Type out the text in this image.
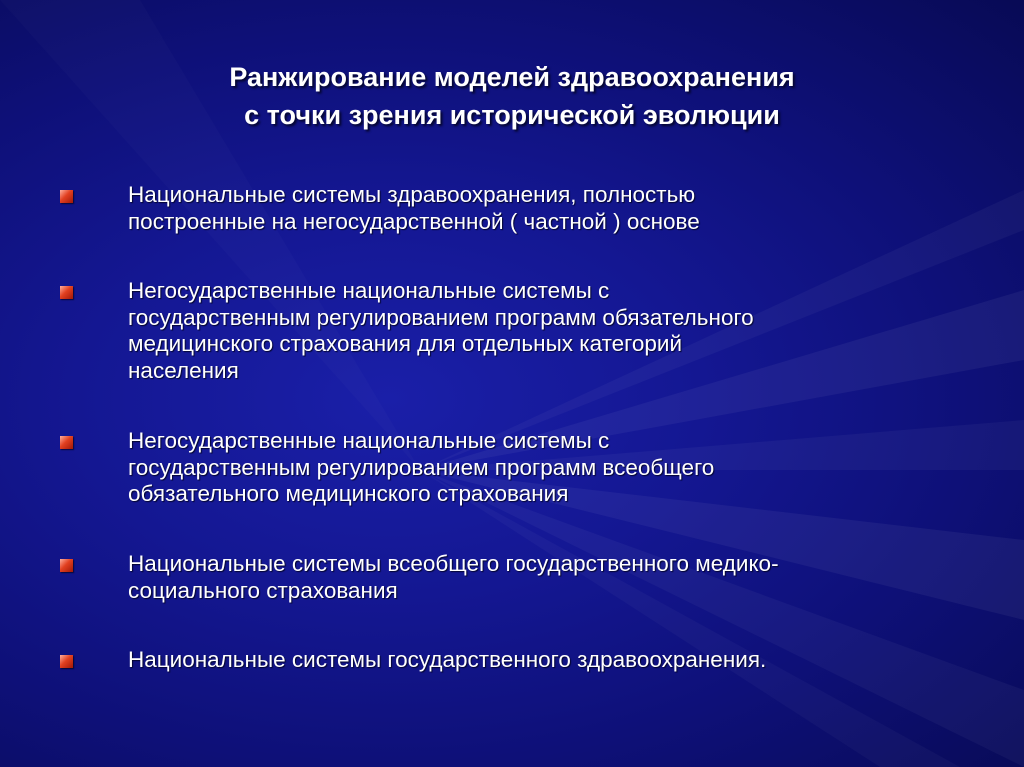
Ранжирование моделей здравоохранения
с точки зрения исторической эволюции

Национальные системы здравоохранения, полностью
построенные на негосударственной ( частной ) основе

Негосударственные национальные системы с
государственным регулированием программ обязательного
медицинского страхования для отдельных категорий
населения

Негосударственные национальные системы с
государственным регулированием программ всеобщего
обязательного медицинского страхования

Национальные системы всеобщего государственного медико-
социального страхования

Национальные системы государственного здравоохранения.
